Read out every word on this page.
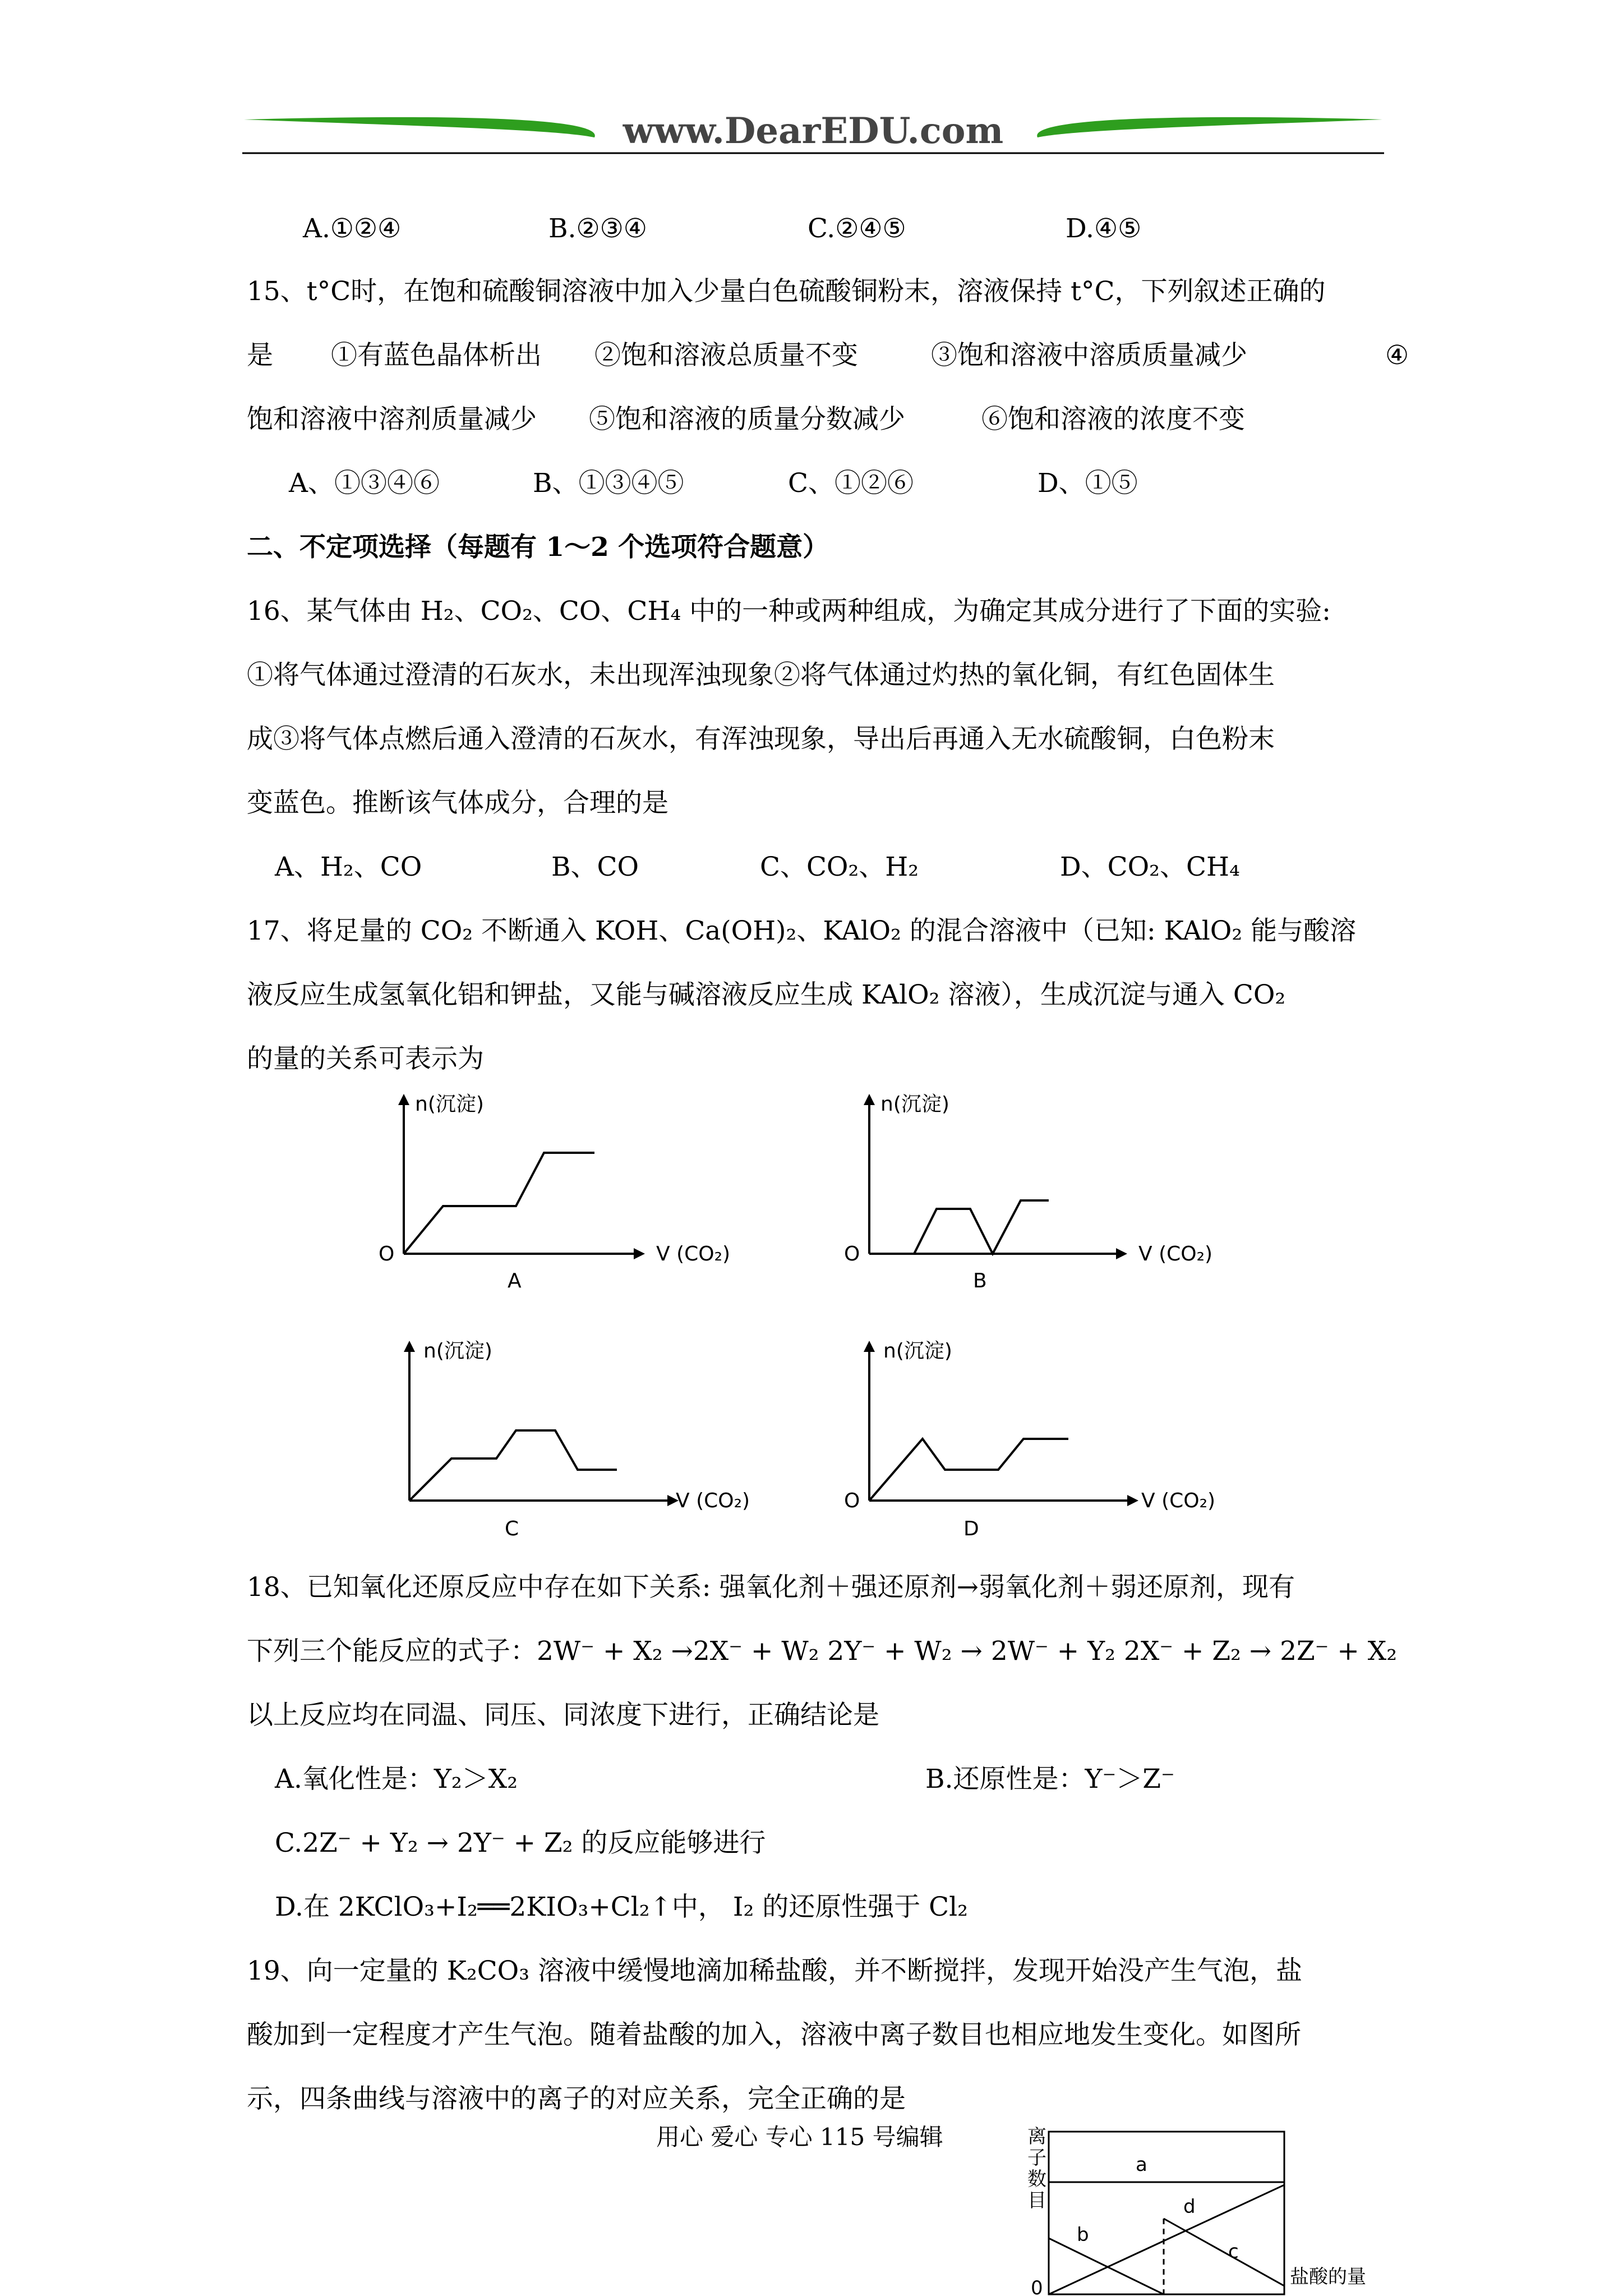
www.DearEDU.com
A.①②④	B.②③④	C.②④⑤	D.④⑤
15、t°C时，在饱和硫酸铜溶液中加入少量白色硫酸铜粉末，溶液保持 t°C，下列叙述正确的
是 ①有蓝色晶体析出 ②饱和溶液总质量不变	③饱和溶液中溶质质量减少	④
饱和溶液中溶剂质量减少 ⑤饱和溶液的质量分数减少	⑥饱和溶液的浓度不变
A、①③④⑥	B、①③④⑤	C、①②⑥	D、①⑤
二、不定项选择（每题有 1～2 个选项符合题意）
16、某气体由 H₂、CO₂、CO、CH₄ 中的一种或两种组成，为确定其成分进行了下面的实验:
①将气体通过澄清的石灰水，未出现浑浊现象②将气体通过灼热的氧化铜，有红色固体生
成③将气体点燃后通入澄清的石灰水，有浑浊现象，导出后再通入无水硫酸铜，白色粉末
变蓝色。推断该气体成分，合理的是
A、H₂、CO	B、CO	C、CO₂、H₂	D、CO₂、CH₄
17、将足量的 CO₂ 不断通入 KOH、Ca(OH)₂、KAlO₂ 的混合溶液中（已知: KAlO₂ 能与酸溶
液反应生成氢氧化铝和钾盐，又能与碱溶液反应生成 KAlO₂ 溶液），生成沉淀与通入 CO₂
的量的关系可表示为
n(沉淀)
O	V (CO₂)
A
n(沉淀)
O	V (CO₂)
B
n(沉淀)
V (CO₂)
C
n(沉淀)
O	V (CO₂)
D
18、已知氧化还原反应中存在如下关系: 强氧化剂＋强还原剂→弱氧化剂＋弱还原剂，现有
下列三个能反应的式子：2W⁻ + X₂ →2X⁻ + W₂ 2Y⁻ + W₂ → 2W⁻ + Y₂ 2X⁻ + Z₂ → 2Z⁻ + X₂
以上反应均在同温、同压、同浓度下进行，正确结论是
A.氧化性是：Y₂＞X₂	B.还原性是：Y⁻＞Z⁻
C.2Z⁻ + Y₂ → 2Y⁻ + Z₂ 的反应能够进行
D.在 2KClO₃+I₂══2KIO₃+Cl₂↑中， I₂ 的还原性强于 Cl₂
19、向一定量的 K₂CO₃ 溶液中缓慢地滴加稀盐酸，并不断搅拌，发现开始没产生气泡，盐
酸加到一定程度才产生气泡。随着盐酸的加入，溶液中离子数目也相应地发生变化。如图所
示，四条曲线与溶液中的离子的对应关系，完全正确的是
用心 爱心 专心 115 号编辑	离
子
数
目
a
b
c
d
盐酸的量
0
